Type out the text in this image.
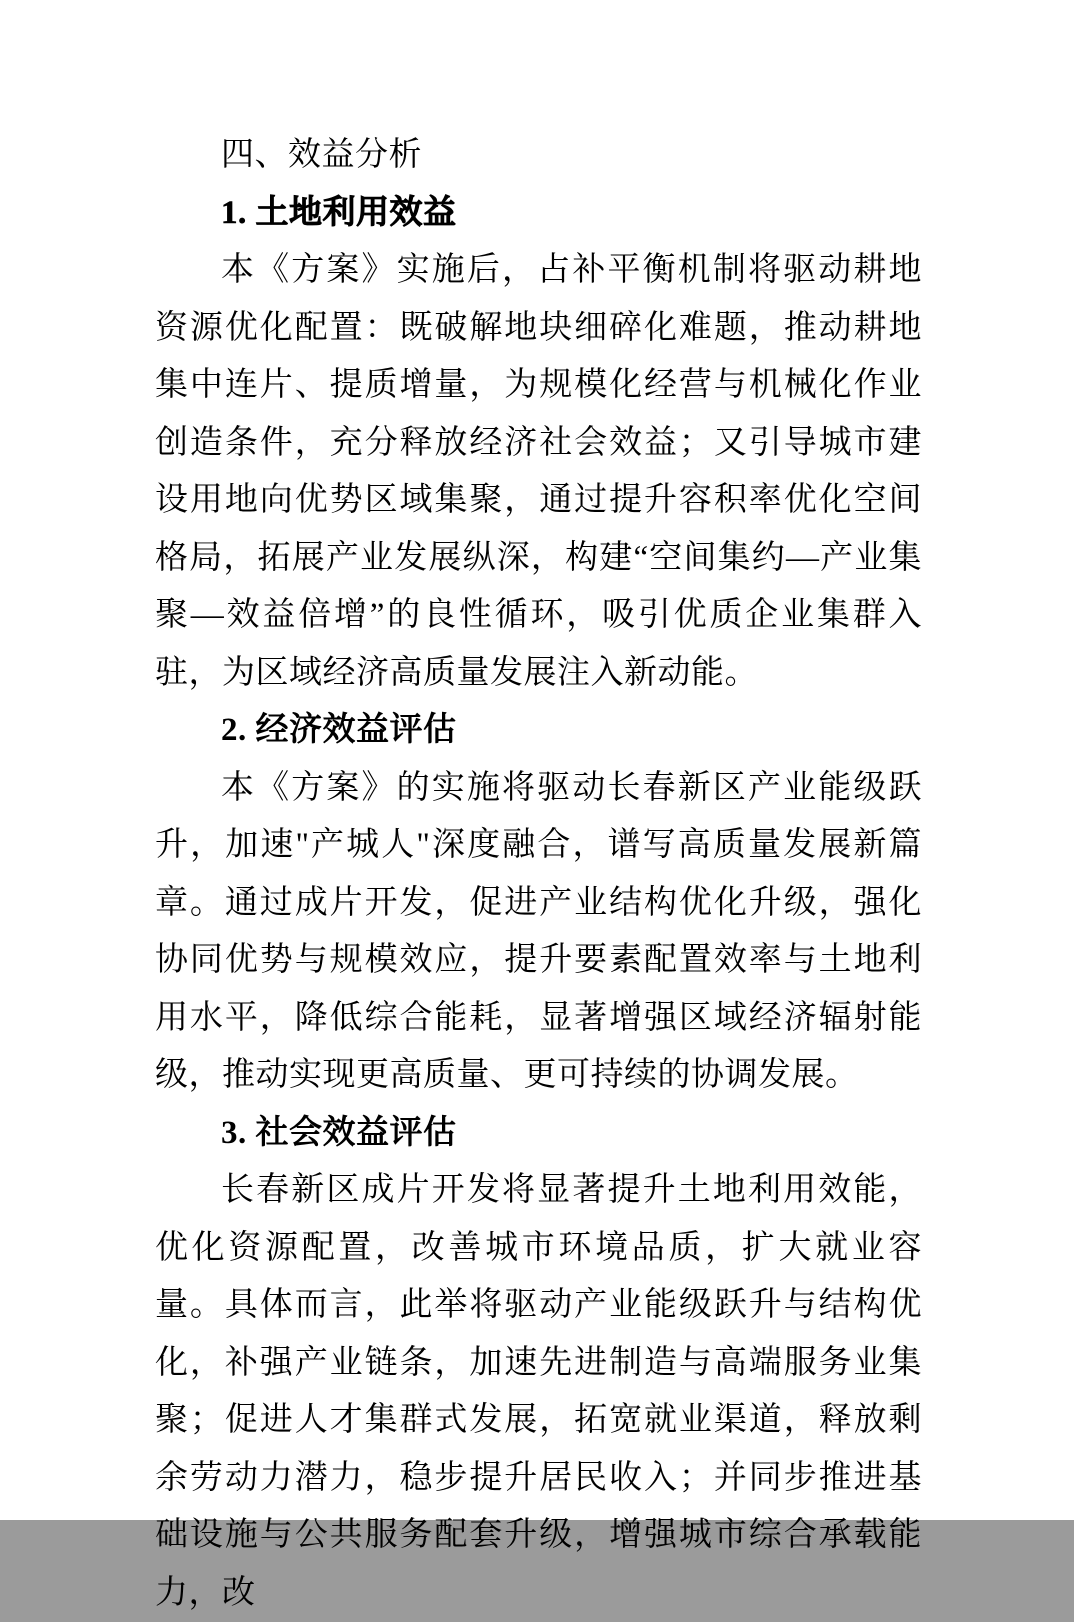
四、效益分析

1. 土地利用效益

本《方案》实施后，占补平衡机制将驱动耕地资源优化配置：既破解地块细碎化难题，推动耕地集中连片、提质增量，为规模化经营与机械化作业创造条件，充分释放经济社会效益；又引导城市建设用地向优势区域集聚，通过提升容积率优化空间格局，拓展产业发展纵深，构建“空间集约—产业集聚—效益倍增”的良性循环，吸引优质企业集群入驻，为区域经济高质量发展注入新动能。

2. 经济效益评估

本《方案》的实施将驱动长春新区产业能级跃升，加速"产城人"深度融合，谱写高质量发展新篇章。通过成片开发，促进产业结构优化升级，强化协同优势与规模效应，提升要素配置效率与土地利用水平，降低综合能耗，显著增强区域经济辐射能级，推动实现更高质量、更可持续的协调发展。

3. 社会效益评估

长春新区成片开发将显著提升土地利用效能，优化资源配置，改善城市环境品质，扩大就业容量。具体而言，此举将驱动产业能级跃升与结构优化，补强产业链条，加速先进制造与高端服务业集聚；促进人才集群式发展，拓宽就业渠道，释放剩余劳动力潜力，稳步提升居民收入；并同步推进基础设施与公共服务配套升级，增强城市综合承载能力，改
